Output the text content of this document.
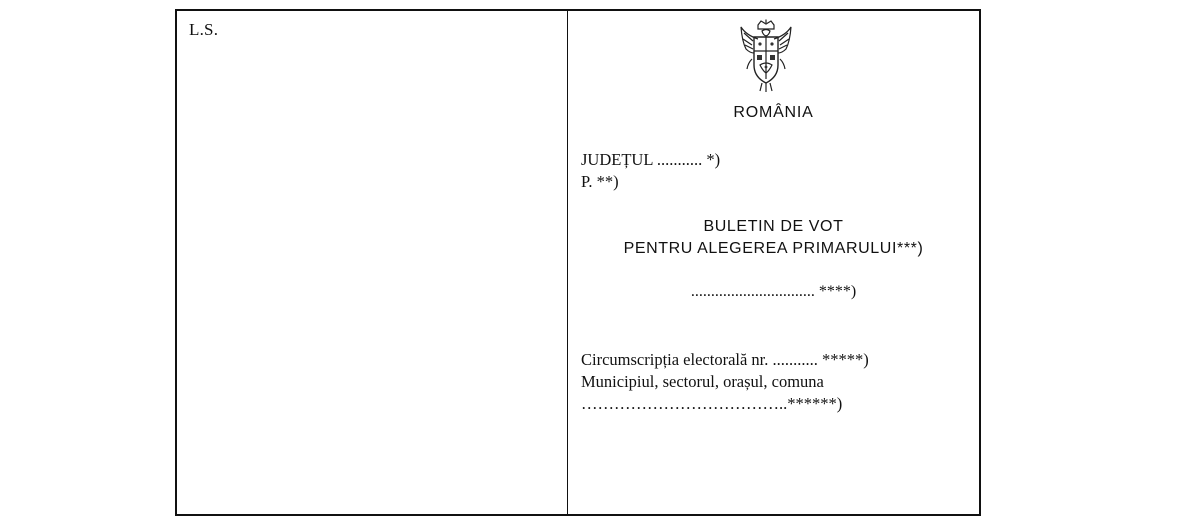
L.S.
ROMÂNIA
JUDEȚUL ........... *)
P. **)
BULETIN DE VOT
PENTRU ALEGEREA PRIMARULUI***)
............................... ****)
Circumscripția electorală nr. ........... *****)
Municipiul, sectorul, orașul, comuna
………………………………..******)
